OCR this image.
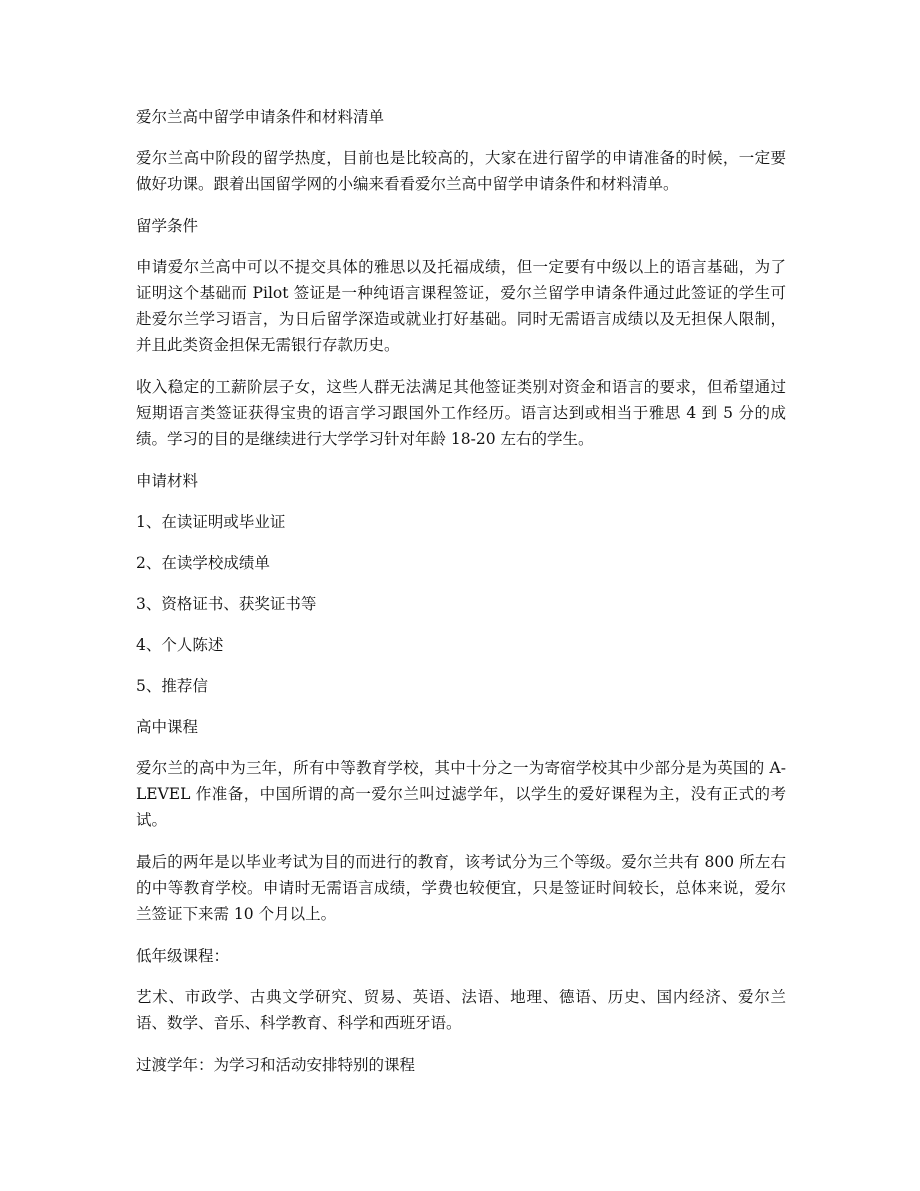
爱尔兰高中留学申请条件和材料清单

爱尔兰高中阶段的留学热度，目前也是比较高的，大家在进行留学的申请准备的时候，一定要做好功课。跟着出国留学网的小编来看看爱尔兰高中留学申请条件和材料清单。

留学条件

申请爱尔兰高中可以不提交具体的雅思以及托福成绩，但一定要有中级以上的语言基础，为了证明这个基础而 Pilot 签证是一种纯语言课程签证，爱尔兰留学申请条件通过此签证的学生可赴爱尔兰学习语言，为日后留学深造或就业打好基础。同时无需语言成绩以及无担保人限制，并且此类资金担保无需银行存款历史。

收入稳定的工薪阶层子女，这些人群无法满足其他签证类别对资金和语言的要求，但希望通过短期语言类签证获得宝贵的语言学习跟国外工作经历。语言达到或相当于雅思 4 到 5 分的成绩。学习的目的是继续进行大学学习针对年龄 18-20 左右的学生。

申请材料

1、在读证明或毕业证

2、在读学校成绩单

3、资格证书、获奖证书等

4、个人陈述

5、推荐信

高中课程

爱尔兰的高中为三年，所有中等教育学校，其中十分之一为寄宿学校其中少部分是为英国的 A-LEVEL 作准备，中国所谓的高一爱尔兰叫过滤学年，以学生的爱好课程为主，没有正式的考试。

最后的两年是以毕业考试为目的而进行的教育，该考试分为三个等级。爱尔兰共有 800 所左右的中等教育学校。申请时无需语言成绩，学费也较便宜，只是签证时间较长，总体来说，爱尔兰签证下来需 10 个月以上。

低年级课程：

艺术、市政学、古典文学研究、贸易、英语、法语、地理、德语、历史、国内经济、爱尔兰语、数学、音乐、科学教育、科学和西班牙语。

过渡学年：为学习和活动安排特别的课程
